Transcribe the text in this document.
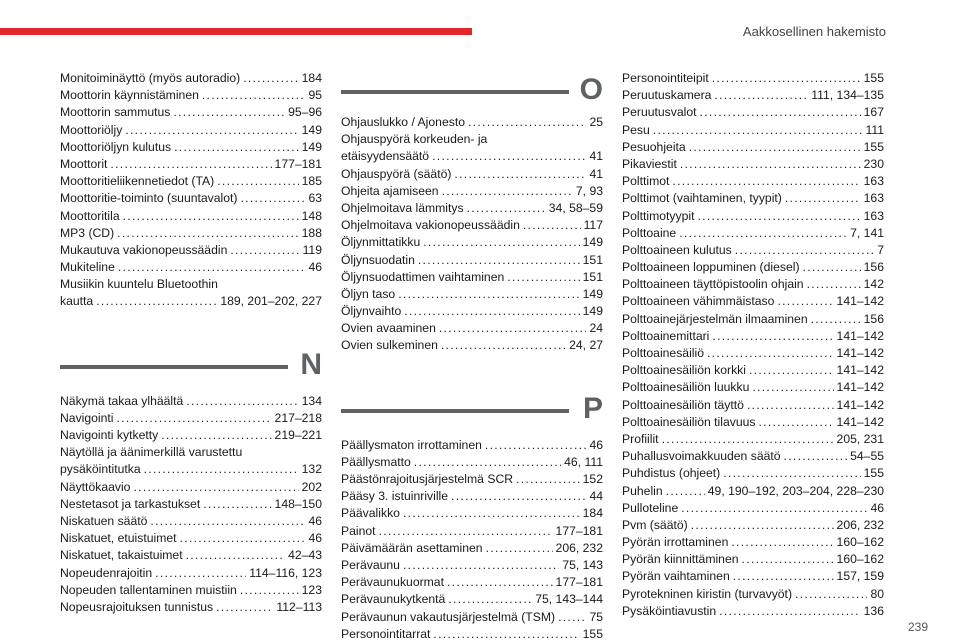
Aakkosellinen hakemisto
Monitoiminäyttö (myös autoradio) .....	184
Moottorin käynnistäminen .....	95
Moottorin sammutus .....	95–96
Moottoriöljy .....	149
Moottoriöljyn kulutus .....	149
Moottorit .....	177–181
Moottoritieliikennetiedot (TA) .....	185
Moottoritie-toiminto (suuntavalot) .....	63
Moottoritila .....	148
MP3 (CD) .....	188
Mukautuva vakionopeussäädin .....	119
Mukiteline .....	46
Musiikin kuuntelu Bluetoothin
kautta .....	189, 201–202, 227
N
Näkymä takaa ylhäältä .....	134
Navigointi .....	217–218
Navigointi kytketty .....	219–221
Näytöllä ja äänimerkillä varustettu
pysäköintitutka .....	132
Näyttökaavio .....	202
Nestetasot ja tarkastukset .....	148–150
Niskatuen säätö .....	46
Niskatuet, etuistuimet .....	46
Niskatuet, takaistuimet .....	42–43
Nopeudenrajoitin .....	114–116, 123
Nopeuden tallentaminen muistiin .....	123
Nopeusrajoituksen tunnistus .....	112–113
O
Ohjauslukko / Ajonesto .....	25
Ohjauspyörä korkeuden- ja
etäisyydensäätö .....	41
Ohjauspyörä (säätö) .....	41
Ohjeita ajamiseen .....	7, 93
Ohjelmoitava lämmitys .....	34, 58–59
Ohjelmoitava vakionopeussäädin .....	117
Öljynmittatikku .....	149
Öljynsuodatin .....	151
Öljynsuodattimen vaihtaminen .....	151
Öljyn taso .....	149
Öljynvaihto .....	149
Ovien avaaminen .....	24
Ovien sulkeminen .....	24, 27
P
Päällysmaton irrottaminen .....	46
Päällysmatto .....	46, 111
Päästönrajoitusjärjestelmä SCR .....	152
Pääsy 3. istuinriville .....	44
Päävalikko .....	184
Painot .....	177–181
Päivämäärän asettaminen .....	206, 232
Perävaunu .....	75, 143
Perävaunukuormat .....	177–181
Perävaunukytkentä .....	75, 143–144
Perävaunun vakautusjärjestelmä (TSM) .....	75
Personointitarrat .....	155
Personointiteipit .....	155
Peruutuskamera .....	111, 134–135
Peruutusvalot .....	167
Pesu .....	111
Pesuohjeita .....	155
Pikaviestit .....	230
Polttimot .....	163
Polttimot (vaihtaminen, tyypit) .....	163
Polttimotyypit .....	163
Polttoaine .....	7, 141
Polttoaineen kulutus .....	7
Polttoaineen loppuminen (diesel) .....	156
Polttoaineen täyttöpistoolin ohjain .....	142
Polttoaineen vähimmäistaso .....	141–142
Polttoainejärjestelmän ilmaaminen .....	156
Polttoainemittari .....	141–142
Polttoainesäiliö .....	141–142
Polttoainesäiliön korkki .....	141–142
Polttoainesäiliön luukku .....	141–142
Polttoainesäiliön täyttö .....	141–142
Polttoainesäiliön tilavuus .....	141–142
Profiilit .....	205, 231
Puhallusvoimakkuuden säätö .....	54–55
Puhdistus (ohjeet) .....	155
Puhelin .....	49, 190–192, 203–204, 228–230
Pulloteline .....	46
Pvm (säätö) .....	206, 232
Pyörän irrottaminen .....	160–162
Pyörän kiinnittäminen .....	160–162
Pyörän vaihtaminen .....	157, 159
Pyrotekninen kiristin (turvavyöt) .....	80
Pysäköintiavustin .....	136
239
